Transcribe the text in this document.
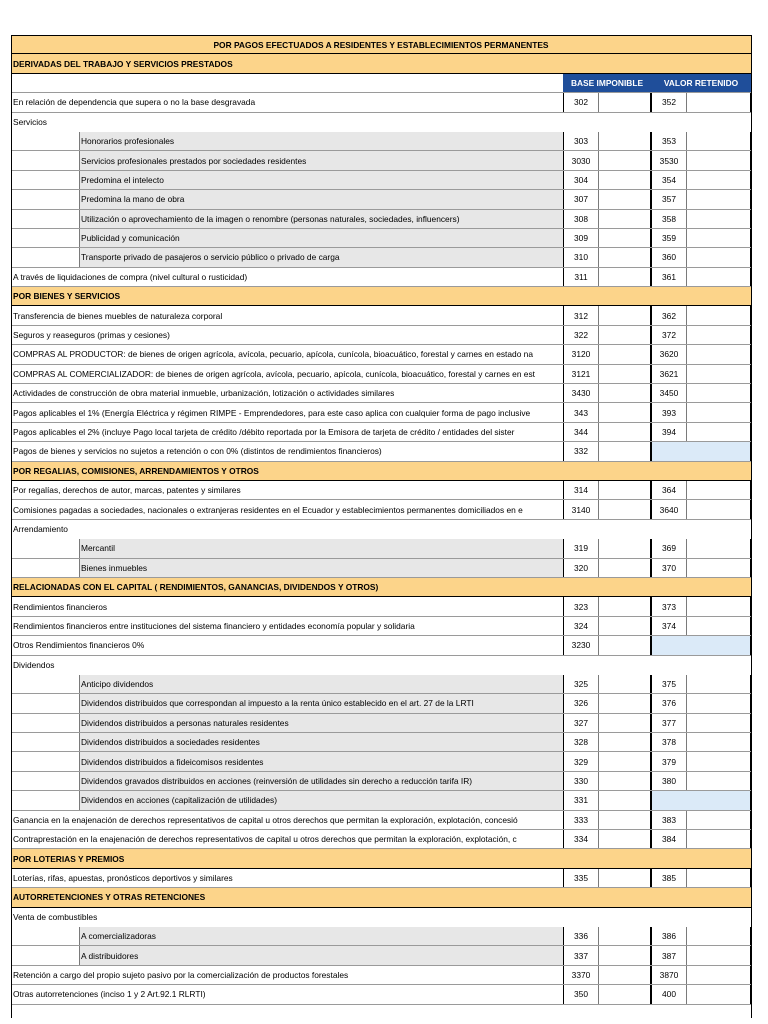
POR PAGOS EFECTUADOS A RESIDENTES Y ESTABLECIMIENTOS PERMANENTES
DERIVADAS DEL TRABAJO Y SERVICIOS PRESTADOS
BASE IMPONIBLE	VALOR RETENIDO
En relación de dependencia que supera o no la base desgravada	302	352
Servicios
Honorarios profesionales	303	353
Servicios profesionales prestados por sociedades residentes	3030	3530
Predomina el intelecto	304	354
Predomina la mano de obra	307	357
Utilización o aprovechamiento de la imagen o renombre (personas naturales, sociedades, influencers)	308	358
Publicidad y comunicación	309	359
Transporte privado de pasajeros o servicio público o privado de carga	310	360
A través de liquidaciones de compra (nivel cultural o rusticidad)	311	361
POR BIENES Y SERVICIOS
Transferencia de bienes muebles de naturaleza corporal	312	362
Seguros y reaseguros (primas y cesiones)	322	372
COMPRAS AL PRODUCTOR: de bienes de origen agrícola, avícola, pecuario, apícola, cunícola, bioacuático, forestal y carnes en estado na	3120	3620
COMPRAS AL COMERCIALIZADOR: de bienes de origen agrícola, avícola, pecuario, apícola, cunícola, bioacuático, forestal y carnes en est	3121	3621
Actividades de construcción de obra material inmueble, urbanización, lotización o actividades similares	3430	3450
Pagos aplicables el 1% (Energía Eléctrica y régimen RIMPE - Emprendedores, para este caso aplica con cualquier forma de pago inclusive	343	393
Pagos aplicables el 2% (incluye Pago local tarjeta de crédito /débito reportada por la Emisora de tarjeta de crédito / entidades del sister	344	394
Pagos de bienes y servicios no sujetos a retención o con 0% (distintos de rendimientos financieros)	332
POR REGALIAS, COMISIONES, ARRENDAMIENTOS Y OTROS
Por regalías, derechos de autor, marcas, patentes y similares	314	364
Comisiones pagadas a sociedades, nacionales o extranjeras residentes en el Ecuador y establecimientos permanentes domiciliados en e	3140	3640
Arrendamiento
Mercantil	319	369
Bienes inmuebles	320	370
RELACIONADAS CON EL CAPITAL ( RENDIMIENTOS, GANANCIAS, DIVIDENDOS Y OTROS)
Rendimientos financieros	323	373
Rendimientos financieros entre instituciones del sistema financiero y entidades economía popular y solidaria	324	374
Otros Rendimientos financieros 0%	3230
Dividendos
Anticipo dividendos	325	375
Dividendos distribuidos que correspondan al impuesto a la renta único establecido en el art. 27 de la LRTI	326	376
Dividendos distribuidos a personas naturales residentes	327	377
Dividendos distribuidos a sociedades residentes	328	378
Dividendos distribuidos a fideicomisos residentes	329	379
Dividendos gravados distribuidos en acciones (reinversión de utilidades sin derecho a reducción tarifa IR)	330	380
Dividendos en acciones (capitalización de utilidades)	331
Ganancia en la enajenación de derechos representativos de capital u otros derechos que permitan la exploración, explotación, concesió	333	383
Contraprestación en la enajenación de derechos representativos de capital u otros derechos que permitan la exploración, explotación, c	334	384
POR LOTERIAS Y PREMIOS
Loterías, rifas, apuestas, pronósticos deportivos y similares	335	385
AUTORRETENCIONES Y OTRAS RETENCIONES
Venta de combustibles
A comercializadoras	336	386
A distribuidores	337	387
Retención a cargo del propio sujeto pasivo por la comercialización de productos forestales	3370	3870
Otras autorretenciones (inciso 1 y 2 Art.92.1 RLRTI)	350	400
